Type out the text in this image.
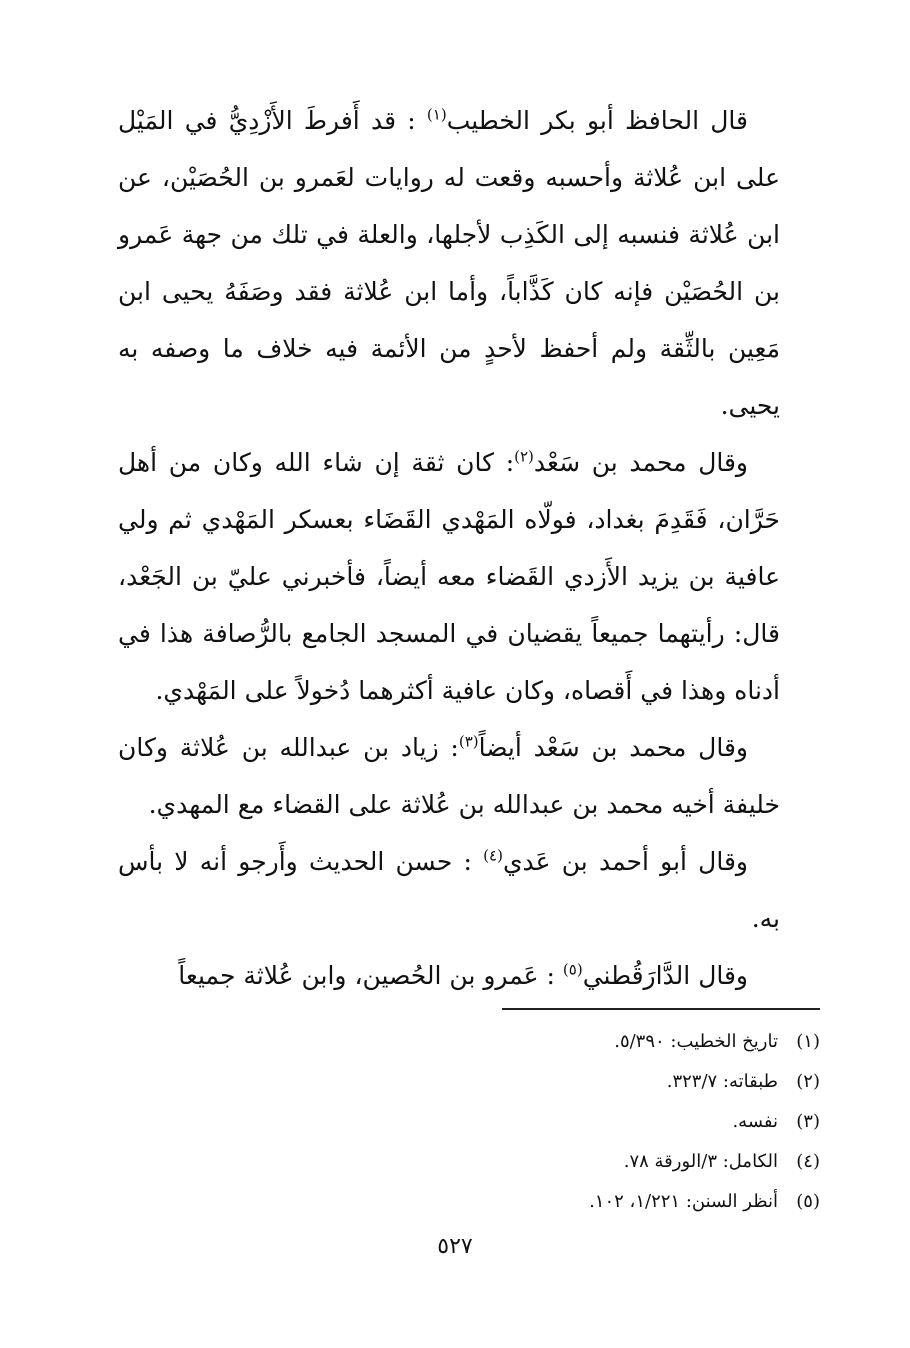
قال الحافظ أبو بكر الخطيب$^{(١)}$ : قد أَفرطَ الأَزْدِيُّ في المَيْل على ابن عُلاثة وأحسبه وقعت له روايات لعَمرو بن الحُصَيْن، عن ابن عُلاثة فنسبه إلى الكَذِب لأجلها، والعلة في تلك من جهة عَمرو بن الحُصَيْن فإنه كان كَذَّاباً، وأما ابن عُلاثة فقد وصَفَهُ يحيى ابن مَعِين بالثِّقة ولم أحفظ لأحدٍ من الأئمة فيه خلاف ما وصفه به يحيى.

وقال محمد بن سَعْد$^{(٢)}$: كان ثقة إن شاء الله وكان من أهل حَرَّان، فَقَدِمَ بغداد، فولّاه المَهْدي القَضَاء بعسكر المَهْدي ثم ولي عافية بن يزيد الأَزدي القَضاء معه أيضاً، فأخبرني عليّ بن الجَعْد، قال: رأيتهما جميعاً يقضيان في المسجد الجامع بالرُّصافة هذا في أدناه وهذا في أَقصاه، وكان عافية أكثرهما دُخولاً على المَهْدي.

وقال محمد بن سَعْد أيضاً$^{(٣)}$: زياد بن عبدالله بن عُلاثة وكان خليفة أخيه محمد بن عبدالله بن عُلاثة على القضاء مع المهدي.

وقال أبو أحمد بن عَدي$^{(٤)}$ : حسن الحديث وأَرجو أنه لا بأس به.

وقال الدَّارَقُطني$^{(٥)}$ : عَمرو بن الحُصين، وابن عُلاثة جميعاً

(١)
تاريخ الخطيب: ٥/٣٩٠.
(٢)
طبقاته: ٣٢٣/٧.
(٣)
نفسه.
(٤)
الكامل: ٣/الورقة ٧٨.
(٥)
أنظر السنن: ١/٢٢١، ١٠٢.
٥٢٧
